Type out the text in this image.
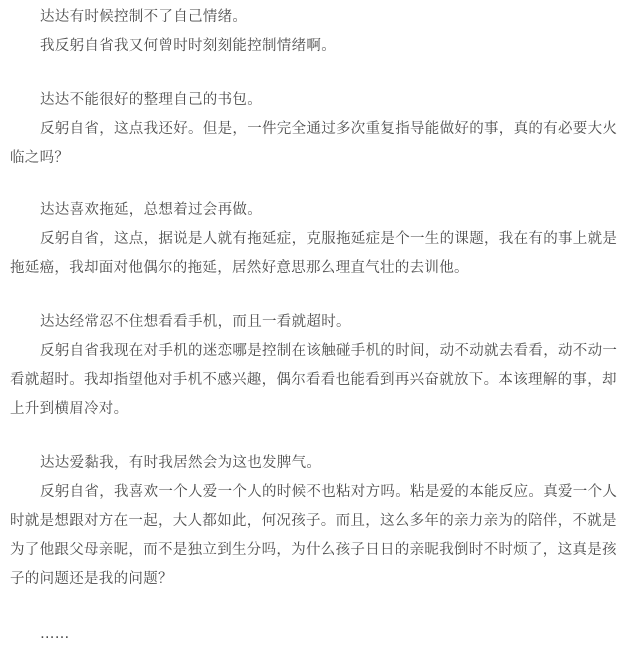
达达有时候控制不了自己情绪。
我反躬自省我又何曾时时刻刻能控制情绪啊。
达达不能很好的整理自己的书包。
反躬自省，这点我还好。但是，一件完全通过多次重复指导能做好的事，真的有必要大火
临之吗？
达达喜欢拖延，总想着过会再做。
反躬自省，这点，据说是人就有拖延症，克服拖延症是个一生的课题，我在有的事上就是
拖延癌，我却面对他偶尔的拖延，居然好意思那么理直气壮的去训他。
达达经常忍不住想看看手机，而且一看就超时。
反躬自省我现在对手机的迷恋哪是控制在该触碰手机的时间，动不动就去看看，动不动一
看就超时。我却指望他对手机不感兴趣，偶尔看看也能看到再兴奋就放下。本该理解的事，却
上升到横眉冷对。
达达爱黏我，有时我居然会为这也发脾气。
反躬自省，我喜欢一个人爱一个人的时候不也粘对方吗。粘是爱的本能反应。真爱一个人
时就是想跟对方在一起，大人都如此，何况孩子。而且，这么多年的亲力亲为的陪伴，不就是
为了他跟父母亲昵，而不是独立到生分吗，为什么孩子日日的亲昵我倒时不时烦了，这真是孩
子的问题还是我的问题？
……
